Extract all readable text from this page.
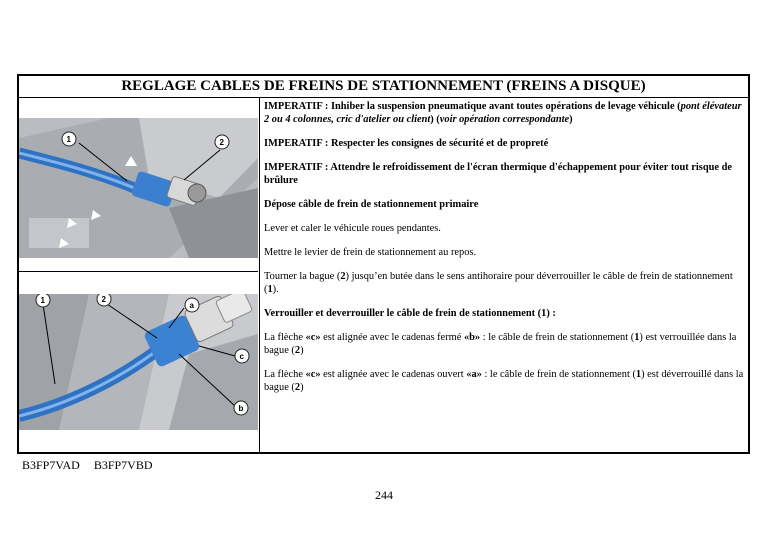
REGLAGE CABLES DE FREINS DE STATIONNEMENT (FREINS A DISQUE)
1	2
1	2
a
c
b

IMPERATIF : Inhiber la suspension pneumatique avant toutes opérations de levage véhicule (pont élévateur 2 ou 4 colonnes, cric d'atelier ou client) (voir opération correspondante)

IMPERATIF : Respecter les consignes de sécurité et de propreté

IMPERATIF : Attendre le refroidissement de l'écran thermique d'échappement pour éviter tout risque de brûlure

Dépose câble de frein de stationnement primaire

Lever et caler le véhicule roues pendantes.

Mettre le levier de frein de stationnement au repos.

Tourner la bague (2) jusqu’en butée dans le sens antihoraire pour déverrouiller le câble de frein de stationnement (1).

Verrouiller et deverrouiller le câble de frein de stationnement (1) :

La flèche «c» est alignée avec le cadenas fermé «b» : le câble de frein de stationnement (1) est verrouillée dans la bague (2)

La flèche «c» est alignée avec le cadenas ouvert «a» : le câble de frein de stationnement (1) est déverrouillé dans la bague (2)

B3FP7VAD B3FP7VBD
244
